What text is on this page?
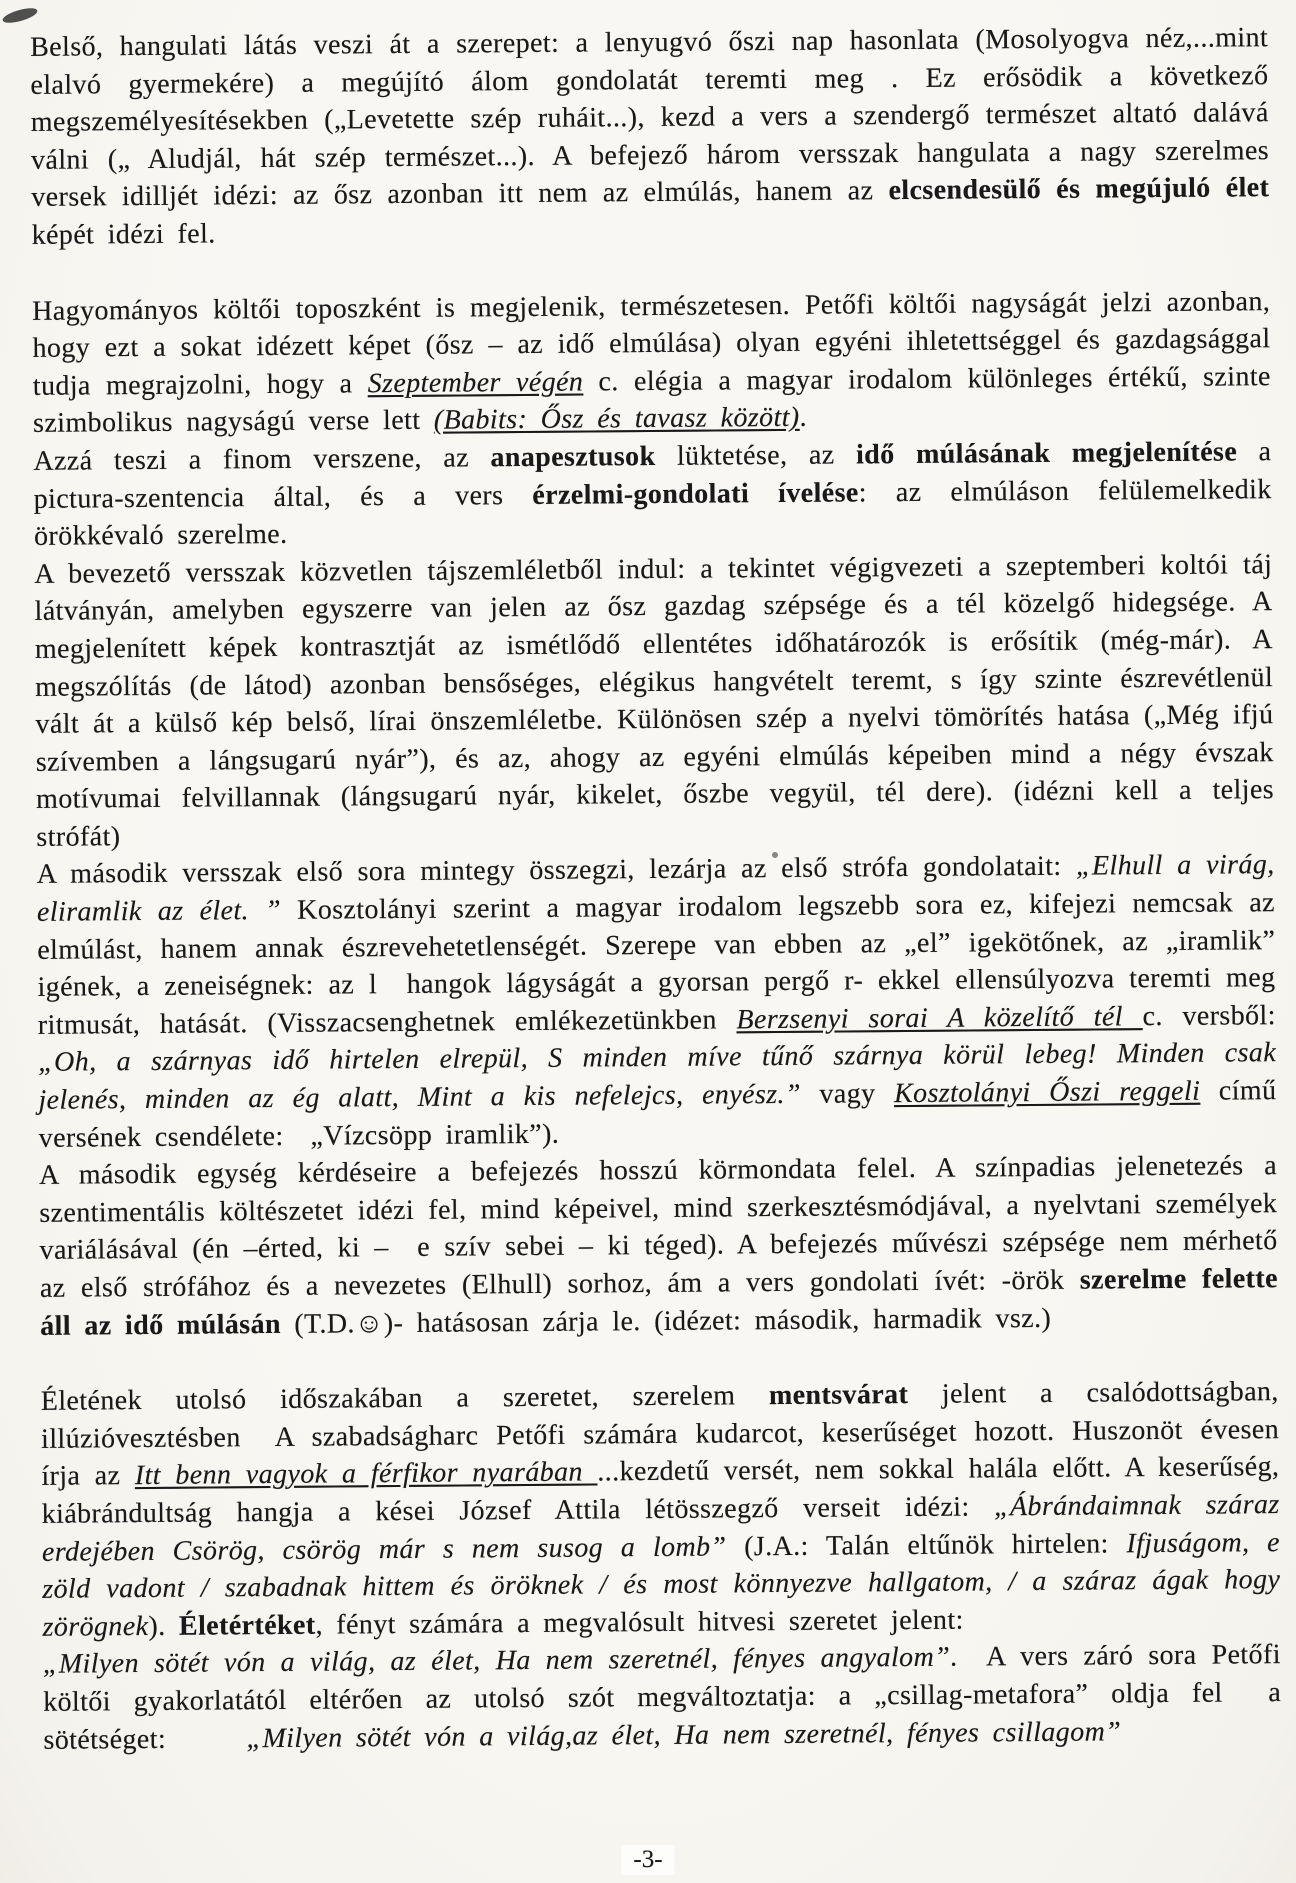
Belső, hangulati látás veszi át a szerepet: a lenyugvó őszi nap hasonlata (Mosolyogva néz,...mint elalvó gyermekére) a megújító álom gondolatát teremti meg . Ez erősödik a következő megszemélyesítésekben („Levetette szép ruháit...), kezd a vers a szendergő természet altató dalává válni („ Aludjál, hát szép természet...). A befejező három versszak hangulata a nagy szerelmes versek idilljét idézi: az ősz azonban itt nem az elmúlás, hanem az elcsendesülő és megújuló élet képét idézi fel.

Hagyományos költői toposzként is megjelenik, természetesen. Petőfi költői nagyságát jelzi azonban, hogy ezt a sokat idézett képet (ősz – az idő elmúlása) olyan egyéni ihletettséggel és gazdagsággal tudja megrajzolni, hogy a Szeptember végén c. elégia a magyar irodalom különleges értékű, szinte szimbolikus nagyságú verse lett (Babits: Ősz és tavasz között).

Azzá teszi a finom verszene, az anapesztusok lüktetése, az idő múlásának megjelenítése a pictura-szentencia által, és a vers érzelmi-gondolati ívelése: az elmúláson felülemelkedik örökkévaló szerelme.

A bevezető versszak közvetlen tájszemléletből indul: a tekintet végigvezeti a szeptemberi koltói táj látványán, amelyben egyszerre van jelen az ősz gazdag szépsége és a tél közelgő hidegsége. A megjelenített képek kontrasztját az ismétlődő ellentétes időhatározók is erősítik (még-már). A megszólítás (de látod) azonban bensőséges, elégikus hangvételt teremt, s így szinte észrevétlenül vált át a külső kép belső, lírai önszemléletbe. Különösen szép a nyelvi tömörítés hatása („Még ifjú szívemben a lángsugarú nyár”), és az, ahogy az egyéni elmúlás képeiben mind a négy évszak motívumai felvillannak (lángsugarú nyár, kikelet, őszbe vegyül, tél dere). (idézni kell a teljes strófát)

A második versszak első sora mintegy összegzi, lezárja az első strófa gondolatait: „Elhull a virág, eliramlik az élet. ” Kosztolányi szerint a magyar irodalom legszebb sora ez, kifejezi nemcsak az elmúlást, hanem annak észrevehetetlenségét. Szerepe van ebben az „el” igekötőnek, az „iramlik” igének, a zeneiségnek: az l  hangok lágyságát a gyorsan pergő r- ekkel ellensúlyozva teremti meg ritmusát, hatását. (Visszacsenghetnek emlékezetünkben Berzsenyi sorai A közelítő tél c. versből: „Oh, a szárnyas idő hirtelen elrepül, S minden míve tűnő szárnya körül lebeg! Minden csak jelenés, minden az ég alatt, Mint a kis nefelejcs, enyész.” vagy Kosztolányi Őszi reggeli című versének csendélete:  „Vízcsöpp iramlik”).

A második egység kérdéseire a befejezés hosszú körmondata felel. A színpadias jelenetezés a szentimentális költészetet idézi fel, mind képeivel, mind szerkesztésmódjával, a nyelvtani személyek variálásával (én –érted, ki –  e szív sebei – ki téged). A befejezés művészi szépsége nem mérhető az első strófához és a nevezetes (Elhull) sorhoz, ám a vers gondolati ívét: -örök szerelme felette áll az idő múlásán (T.D.☺)- hatásosan zárja le. (idézet: második, harmadik vsz.)

Életének utolsó időszakában a szeretet, szerelem mentsvárat jelent a csalódottságban, illúzióvesztésben  A szabadságharc Petőfi számára kudarcot, keserűséget hozott. Huszonöt évesen írja az Itt benn vagyok a férfikor nyarában ...kezdetű versét, nem sokkal halála előtt. A keserűség, kiábrándultság hangja a kései József Attila létösszegző verseit idézi: „Ábrándaimnak száraz erdejében Csörög, csörög már s nem susog a lomb” (J.A.: Talán eltűnök hirtelen: Ifjuságom, e zöld vadont / szabadnak hittem és öröknek / és most könnyezve hallgatom, / a száraz ágak hogy zörögnek). Életértéket, fényt számára a megvalósult hitvesi szeretet jelent:

„Milyen sötét vón a világ, az élet, Ha nem szeretnél, fényes angyalom”.  A vers záró sora Petőfi költői gyakorlatától eltérően az utolsó szót megváltoztatja: a „csillag-metafora” oldja fel  a sötétséget:      „Milyen sötét vón a világ,az élet, Ha nem szeretnél, fényes csillagom”

-3-
